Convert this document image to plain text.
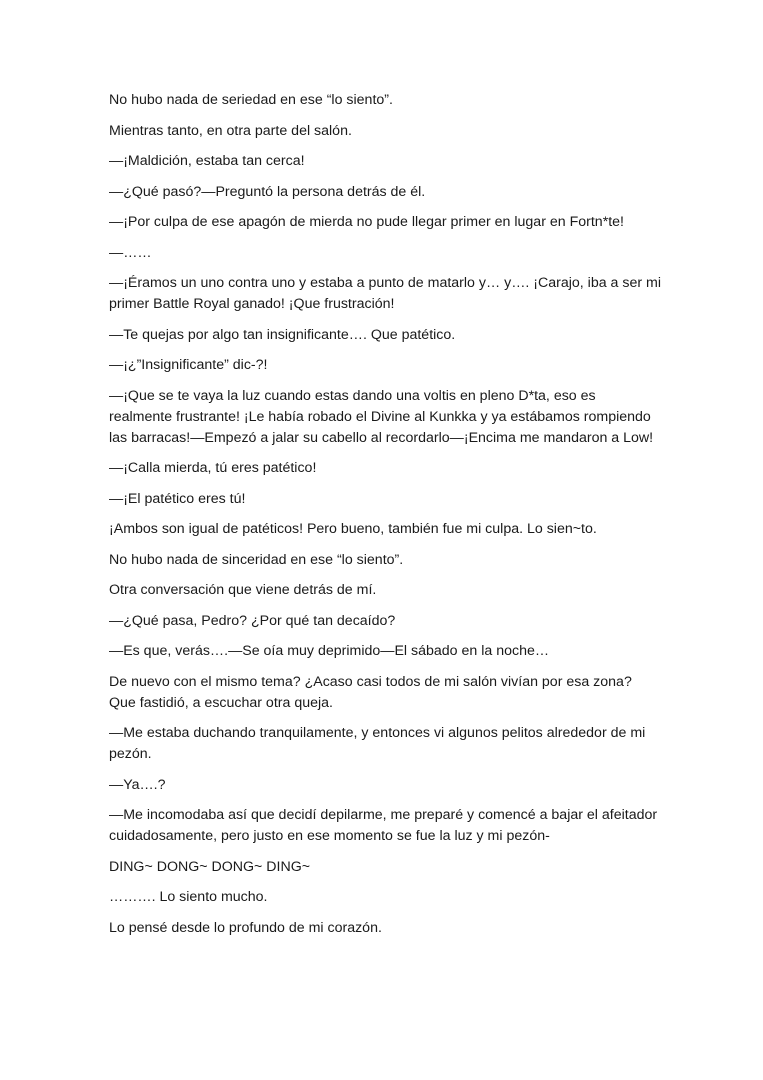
No hubo nada de seriedad en ese “lo siento”.

Mientras tanto, en otra parte del salón.

—¡Maldición, estaba tan cerca!

—¿Qué pasó?—Preguntó la persona detrás de él.

—¡Por culpa de ese apagón de mierda no pude llegar primer en lugar en Fortn*te!

—……

—¡Éramos un uno contra uno y estaba a punto de matarlo y… y…. ¡Carajo, iba a ser mi primer Battle Royal ganado! ¡Que frustración!

—Te quejas por algo tan insignificante…. Que patético.

—¡¿”Insignificante” dic-?!

—¡Que se te vaya la luz cuando estas dando una voltis en pleno D*ta, eso es realmente frustrante! ¡Le había robado el Divine al Kunkka y ya estábamos rompiendo las barracas!—Empezó a jalar su cabello al recordarlo—¡Encima me mandaron a Low!

—¡Calla mierda, tú eres patético!

—¡El patético eres tú!

¡Ambos son igual de patéticos! Pero bueno, también fue mi culpa. Lo sien~to.

No hubo nada de sinceridad en ese “lo siento”.

Otra conversación que viene detrás de mí.

—¿Qué pasa, Pedro? ¿Por qué tan decaído?

—Es que, verás….—Se oía muy deprimido—El sábado en la noche…

De nuevo con el mismo tema? ¿Acaso casi todos de mi salón vivían por esa zona? Que fastidió, a escuchar otra queja.

—Me estaba duchando tranquilamente, y entonces vi algunos pelitos alrededor de mi pezón.

—Ya….?

—Me incomodaba así que decidí depilarme, me preparé y comencé a bajar el afeitador cuidadosamente, pero justo en ese momento se fue la luz y mi pezón-

DING~ DONG~ DONG~ DING~

………. Lo siento mucho.

Lo pensé desde lo profundo de mi corazón.
